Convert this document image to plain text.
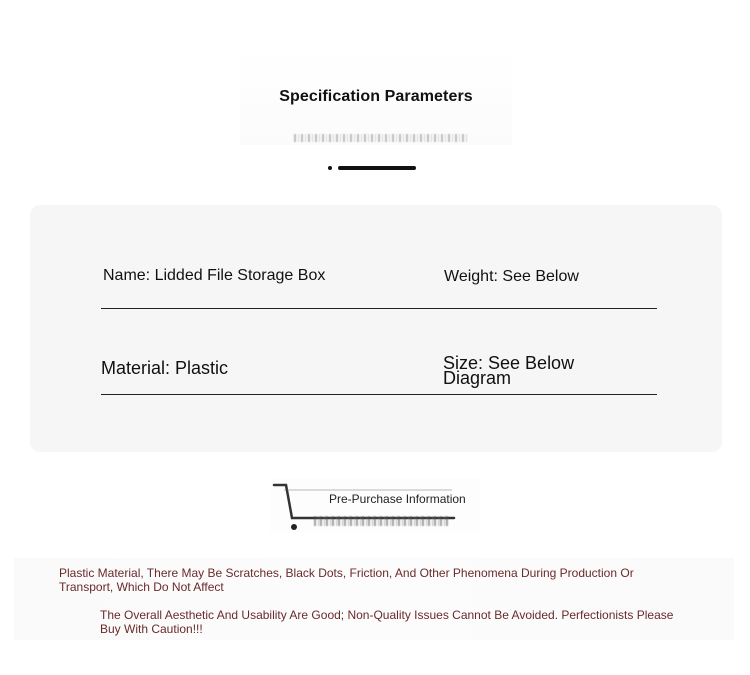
Specification Parameters
Name: Lidded File Storage Box	Weight: See Below
Material: Plastic	Size: See Below Diagram
Pre-Purchase Information
Plastic Material, There May Be Scratches, Black Dots, Friction, And Other Phenomena During Production Or Transport, Which Do Not Affect
The Overall Aesthetic And Usability Are Good; Non-Quality Issues Cannot Be Avoided. Perfectionists Please Buy With Caution!!!
